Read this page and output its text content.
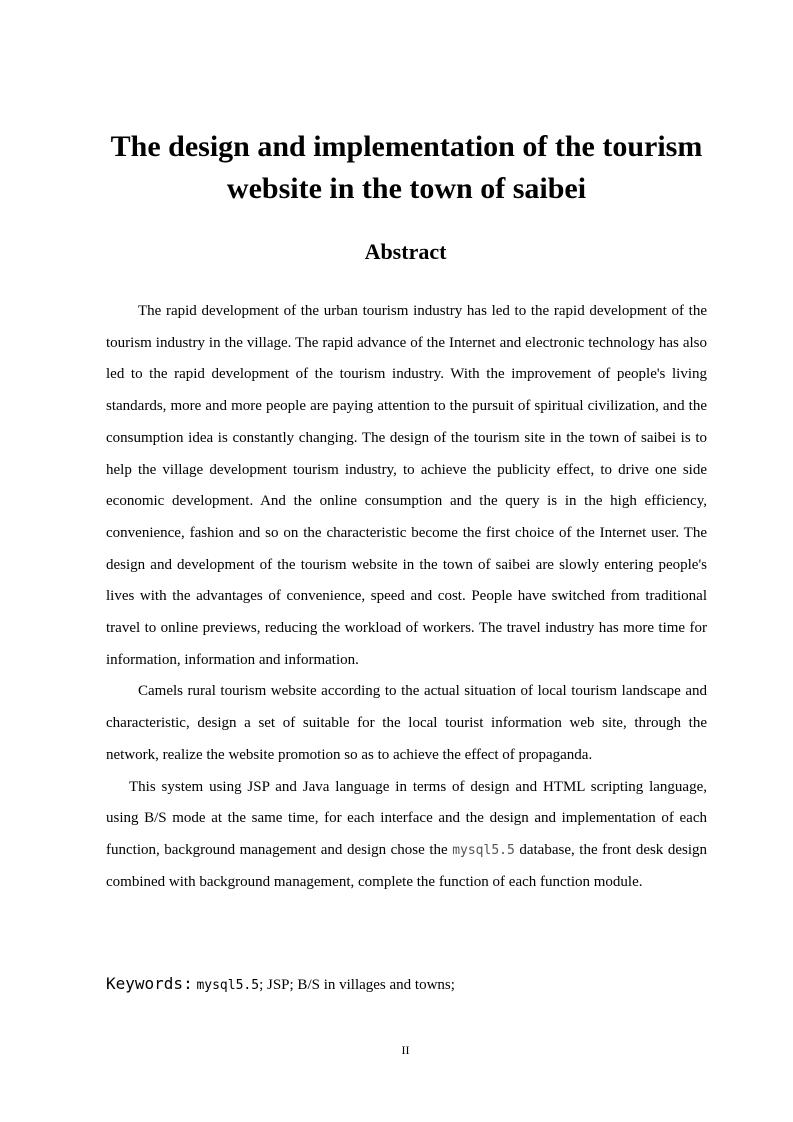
The design and implementation of the tourism website in the town of saibei
Abstract

The rapid development of the urban tourism industry has led to the rapid development of the tourism industry in the village. The rapid advance of the Internet and electronic technology has also led to the rapid development of the tourism industry. With the improvement of people's living standards, more and more people are paying attention to the pursuit of spiritual civilization, and the consumption idea is constantly changing. The design of the tourism site in the town of saibei is to help the village development tourism industry, to achieve the publicity effect, to drive one side economic development. And the online consumption and the query is in the high efficiency, convenience, fashion and so on the characteristic become the first choice of the Internet user. The design and development of the tourism website in the town of saibei are slowly entering people's lives with the advantages of convenience, speed and cost. People have switched from traditional travel to online previews, reducing the workload of workers. The travel industry has more time for information, information and information.

Camels rural tourism website according to the actual situation of local tourism landscape and characteristic, design a set of suitable for the local tourist information web site, through the network, realize the website promotion so as to achieve the effect of propaganda.

This system using JSP and Java language in terms of design and HTML scripting language, using B/S mode at the same time, for each interface and the design and implementation of each function, background management and design chose the mysql5.5 database, the front desk design combined with background management, complete the function of each function module.

Keywords: mysql5.5; JSP; B/S in villages and towns;
II
